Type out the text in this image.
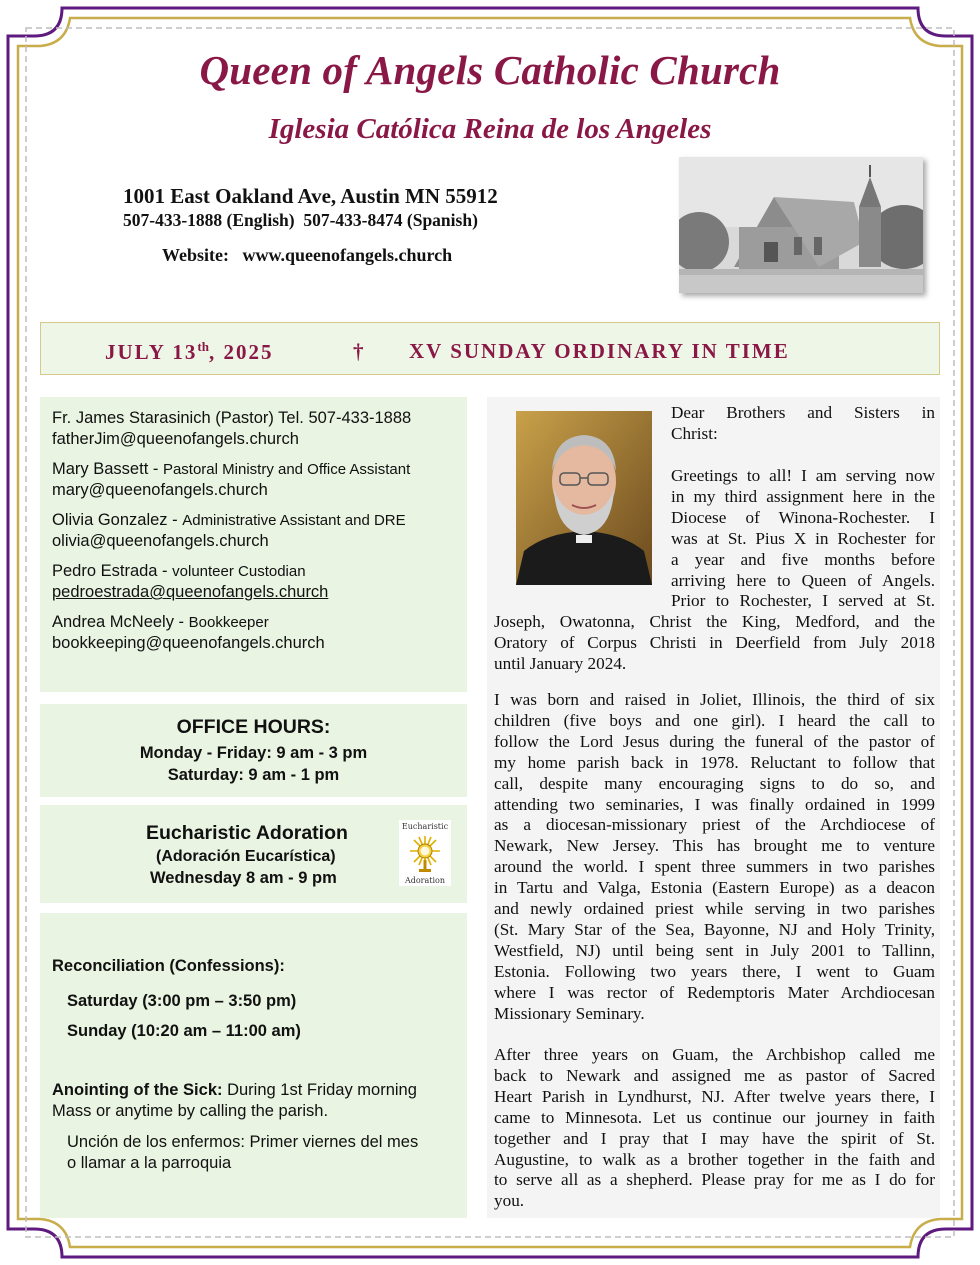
Queen of Angels Catholic Church
Iglesia Católica Reina de los Angeles
1001 East Oakland Ave, Austin MN 55912
507-433-1888 (English)  507-433-8474 (Spanish)
Website:   www.queenofangels.church
JULY 13th, 2025	† XV SUNDAY ORDINARY IN TIME
Fr. James Starasinich (Pastor) Tel. 507-433-1888
fatherJim@queenofangels.church
Mary Bassett - Pastoral Ministry and Office Assistant
mary@queenofangels.church
Olivia Gonzalez - Administrative Assistant and DRE
olivia@queenofangels.church
Pedro Estrada - volunteer Custodian
pedroestrada@queenofangels.church
Andrea McNeely - Bookkeeper
bookkeeping@queenofangels.church
OFFICE HOURS:
Monday - Friday: 9 am - 3 pm
Saturday: 9 am - 1 pm
Eucharistic Adoration
(Adoración Eucarística)
Wednesday 8 am - 9 pm
Eucharistic
Adoration
Reconciliation (Confessions):
Saturday (3:00 pm – 3:50 pm)
Sunday (10:20 am – 11:00 am)
Anointing of the Sick: During 1st Friday morning
Mass or anytime by calling the parish.
Unción de los enfermos: Primer viernes del mes
o llamar a la parroquia
Dear Brothers and Sisters in
Christ:
Greetings to all! I am serving now
in my third assignment here in the
Diocese of Winona-Rochester. I
was at St. Pius X in Rochester for
a year and five months before
arriving here to Queen of Angels.
Prior to Rochester, I served at St.
Joseph, Owatonna, Christ the King, Medford, and the
Oratory of Corpus Christi in Deerfield from July 2018
until January 2024.
I was born and raised in Joliet, Illinois, the third of six
children (five boys and one girl). I heard the call to
follow the Lord Jesus during the funeral of the pastor of
my home parish back in 1978. Reluctant to follow that
call, despite many encouraging signs to do so, and
attending two seminaries, I was finally ordained in 1999
as a diocesan-missionary priest of the Archdiocese of
Newark, New Jersey. This has brought me to venture
around the world. I spent three summers in two parishes
in Tartu and Valga, Estonia (Eastern Europe) as a deacon
and newly ordained priest while serving in two parishes
(St. Mary Star of the Sea, Bayonne, NJ and Holy Trinity,
Westfield, NJ) until being sent in July 2001 to Tallinn,
Estonia. Following two years there, I went to Guam
where I was rector of Redemptoris Mater Archdiocesan
Missionary Seminary.
After three years on Guam, the Archbishop called me
back to Newark and assigned me as pastor of Sacred
Heart Parish in Lyndhurst, NJ. After twelve years there, I
came to Minnesota. Let us continue our journey in faith
together and I pray that I may have the spirit of St.
Augustine, to walk as a brother together in the faith and
to serve all as a shepherd. Please pray for me as I do for
you.
